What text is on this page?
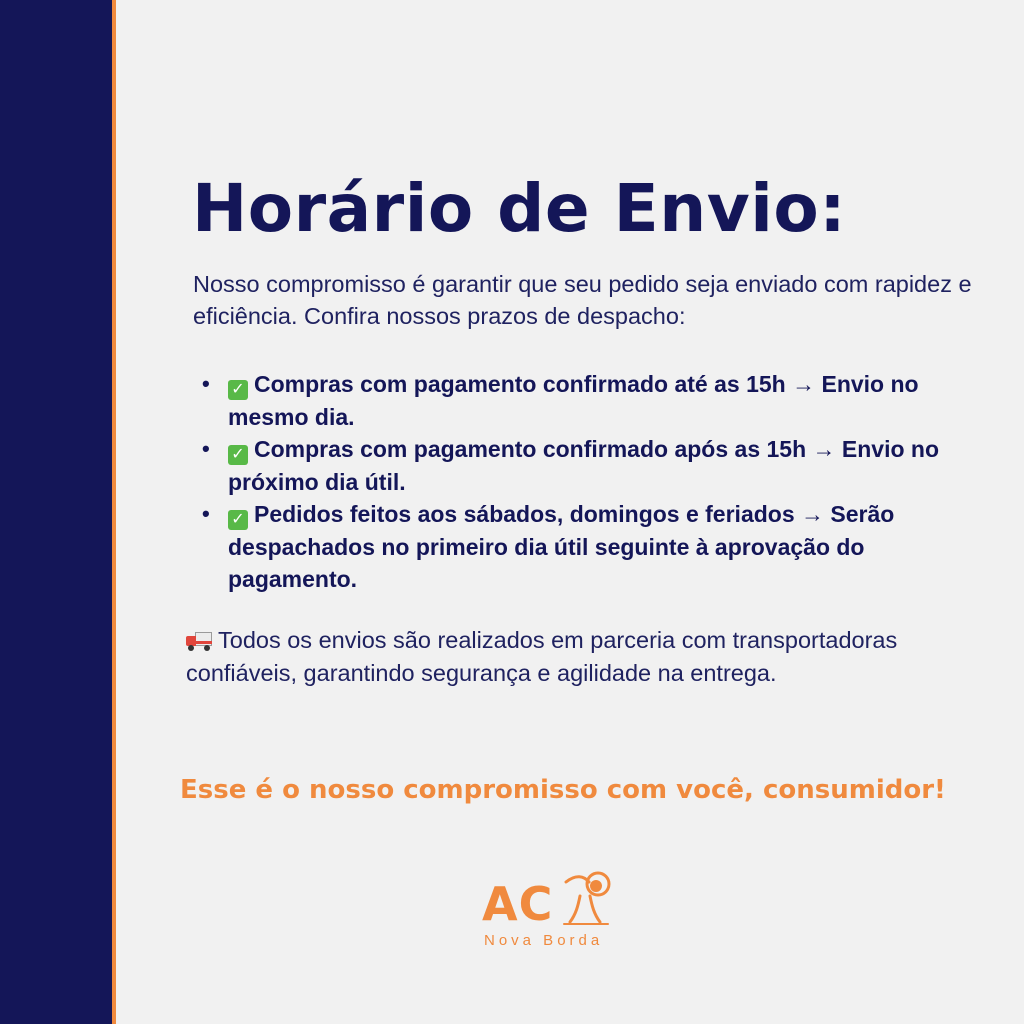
Horário de Envio:

Nosso compromisso é garantir que seu pedido seja enviado com rapidez e eficiência. Confira nossos prazos de despacho:

• ✓ Compras com pagamento confirmado até as 15h → Envio no mesmo dia.
• ✓ Compras com pagamento confirmado após as 15h → Envio no próximo dia útil.
• ✓ Pedidos feitos aos sábados, domingos e feriados → Serão despachados no primeiro dia útil seguinte à aprovação do pagamento.

Todos os envios são realizados em parceria com transportadoras confiáveis, garantindo segurança e agilidade na entrega.

Esse é o nosso compromisso com você, consumidor!

AC

Nova Borda
